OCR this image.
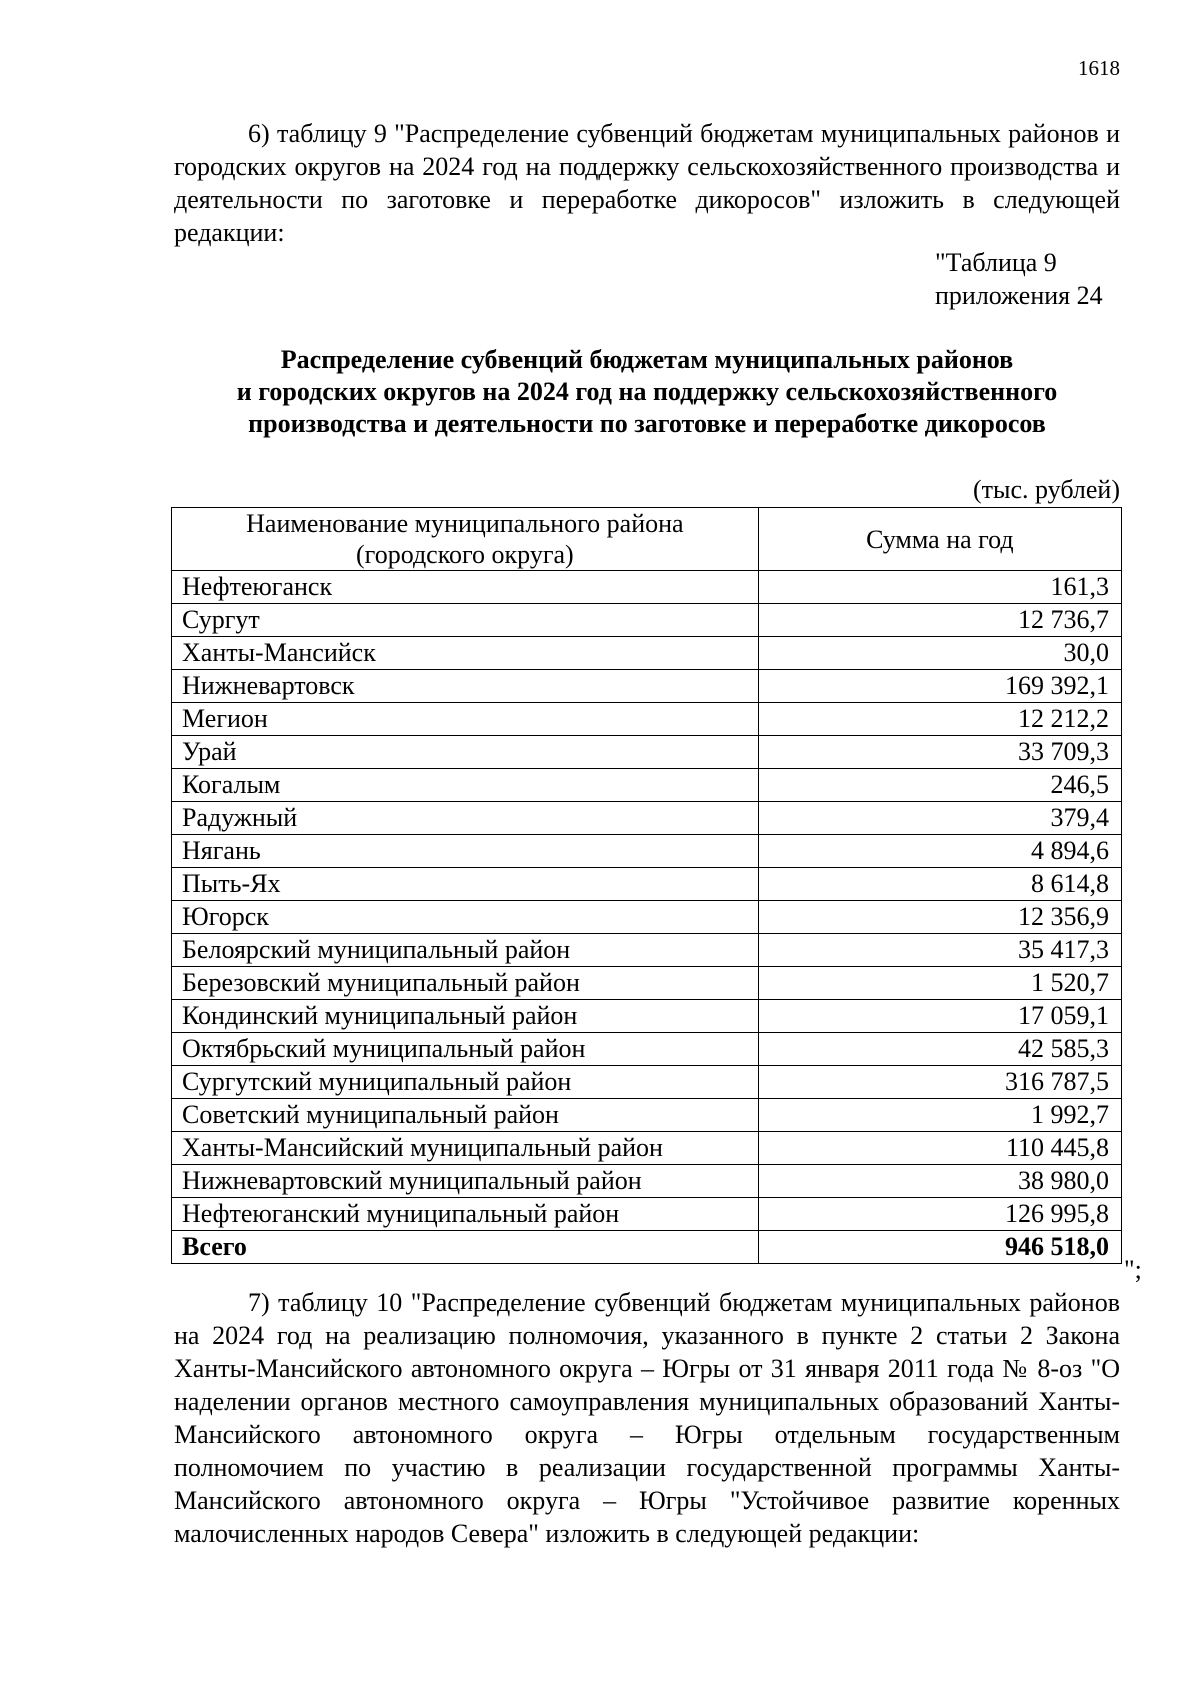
1618
6) таблицу 9 "Распределение субвенций бюджетам муниципальных районов и городских округов на 2024 год на поддержку сельскохозяйственного производства и деятельности по заготовке и переработке дикоросов" изложить в следующей редакции:
"Таблица 9
приложения 24
Распределение субвенций бюджетам муниципальных районов
и городских округов на 2024 год на поддержку сельскохозяйственного
производства и деятельности по заготовке и переработке дикоросов
(тыс. рублей)
Наименование муниципального района
(городского округа)	Сумма на год
Нефтеюганск	161,3
Сургут	12 736,7
Ханты-Мансийск	30,0
Нижневартовск	169 392,1
Мегион	12 212,2
Урай	33 709,3
Когалым	246,5
Радужный	379,4
Нягань	4 894,6
Пыть-Ях	8 614,8
Югорск	12 356,9
Белоярский муниципальный район	35 417,3
Березовский муниципальный район	1 520,7
Кондинский муниципальный район	17 059,1
Октябрьский муниципальный район	42 585,3
Сургутский муниципальный район	316 787,5
Советский муниципальный район	1 992,7
Ханты-Мансийский муниципальный район	110 445,8
Нижневартовский муниципальный район	38 980,0
Нефтеюганский муниципальный район	126 995,8
Всего	946 518,0
";
7) таблицу 10 "Распределение субвенций бюджетам муниципальных районов на 2024 год на реализацию полномочия, указанного в пункте 2 статьи 2 Закона Ханты-Мансийского автономного округа – Югры от 31 января 2011 года № 8-оз "О наделении органов местного самоуправления муниципальных образований Ханты-Мансийского автономного округа – Югры отдельным государственным полномочием по участию в реализации государственной программы Ханты-Мансийского автономного округа – Югры "Устойчивое развитие коренных малочисленных народов Севера" изложить в следующей редакции:
